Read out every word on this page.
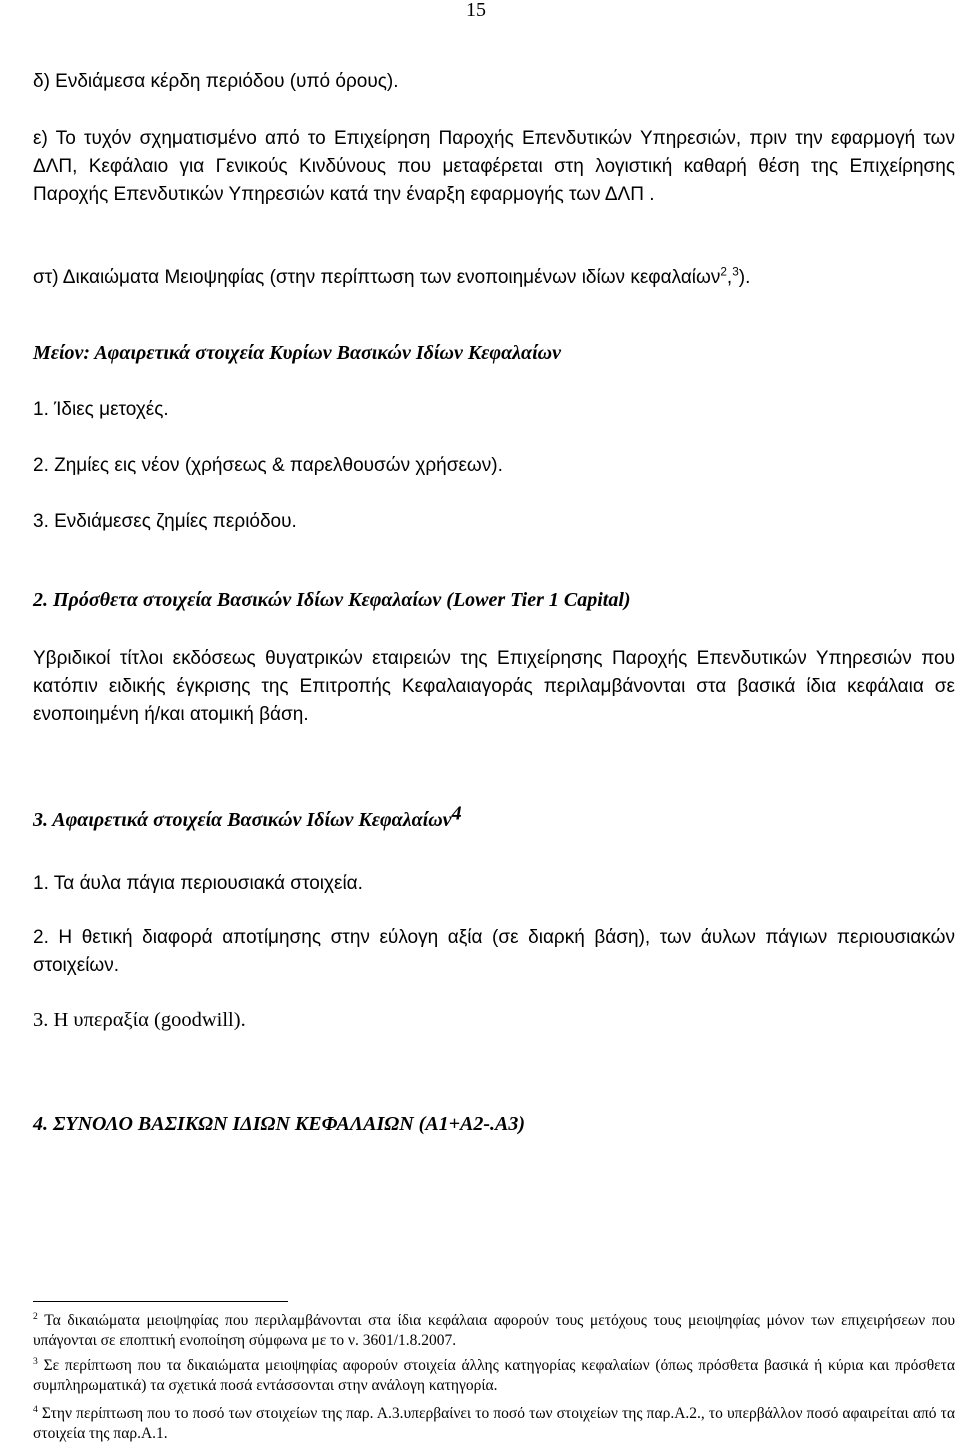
15

δ) Ενδιάμεσα κέρδη περιόδου (υπό όρους).

ε) Το τυχόν σχηματισμένο από το Επιχείρηση Παροχής Επενδυτικών Υπηρεσιών, πριν την εφαρμογή των ΔΛΠ, Κεφάλαιο για Γενικούς Κινδύνους που μεταφέρεται στη λογιστική καθαρή θέση της Επιχείρησης Παροχής Επενδυτικών Υπηρεσιών κατά την έναρξη εφαρμογής των ΔΛΠ .

στ) Δικαιώματα Μειοψηφίας (στην περίπτωση των ενοποιημένων ιδίων κεφαλαίων$^2$,$^3$).

Μείον: Αφαιρετικά στοιχεία Κυρίων Βασικών Ιδίων Κεφαλαίων
1. Ίδιες μετοχές.
2. Ζημίες εις νέον (χρήσεως & παρελθουσών χρήσεων).
3. Ενδιάμεσες ζημίες περιόδου.
2. Πρόσθετα στοιχεία Βασικών Ιδίων Κεφαλαίων (Lower Tier 1 Capital)

Υβριδικοί τίτλοι εκδόσεως θυγατρικών εταιρειών της Επιχείρησης Παροχής Επενδυτικών Υπηρεσιών που κατόπιν ειδικής έγκρισης της Επιτροπής Κεφαλαιαγοράς περιλαμβάνονται στα βασικά ίδια κεφάλαια σε ενοποιημένη ή/και ατομική βάση.

3. Αφαιρετικά στοιχεία Βασικών Ιδίων Κεφαλαίων$^4$
1. Τα άυλα πάγια περιουσιακά στοιχεία.

2. Η θετική διαφορά αποτίμησης στην εύλογη αξία (σε διαρκή βάση), των άυλων πάγιων περιουσιακών στοιχείων.

3. Η υπεραξία (goodwill).
4. ΣΥΝΟΛΟ ΒΑΣΙΚΩΝ ΙΔΙΩΝ ΚΕΦΑΛΑΙΩΝ (Α1+Α2-.Α3)
$^2$ Τα δικαιώματα μειοψηφίας που περιλαμβάνονται στα ίδια κεφάλαια αφορούν τους μετόχους τους μειοψηφίας μόνον των επιχειρήσεων που υπάγονται σε εποπτική ενοποίηση σύμφωνα με το ν. 3601/1.8.2007.
$^3$ Σε περίπτωση που τα δικαιώματα μειοψηφίας αφορούν στοιχεία άλλης κατηγορίας κεφαλαίων (όπως πρόσθετα βασικά ή κύρια και πρόσθετα συμπληρωματικά) τα σχετικά ποσά εντάσσονται στην ανάλογη κατηγορία.
$^4$ Στην περίπτωση που το ποσό των στοιχείων της παρ. Α.3.υπερβαίνει το ποσό των στοιχείων της παρ.Α.2., το υπερβάλλον ποσό αφαιρείται από τα στοιχεία της παρ.Α.1.
